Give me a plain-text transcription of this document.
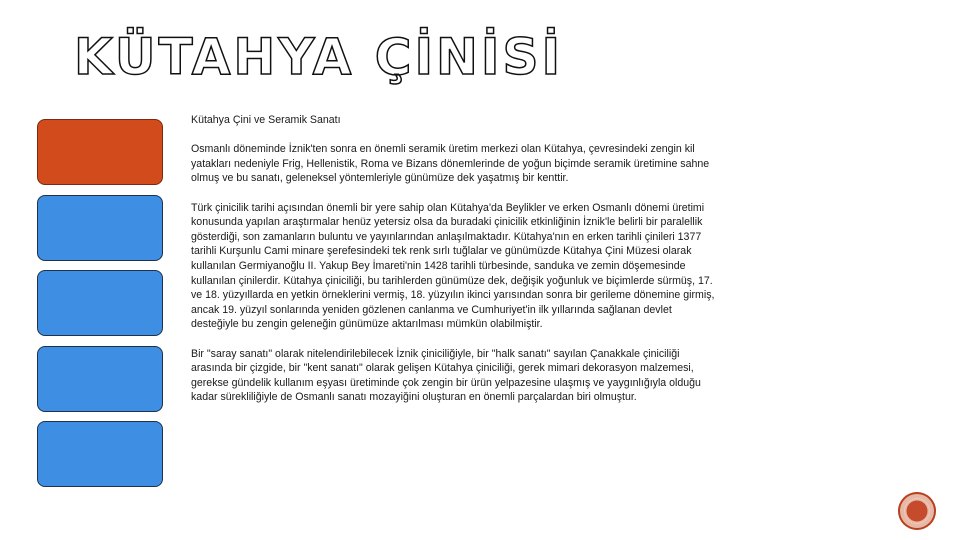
KÜTAHYA ÇİNİSİ

Kütahya Çini ve Seramik Sanatı

Osmanlı döneminde İznik'ten sonra en önemli seramik üretim merkezi olan Kütahya, çevresindeki zengin kil yatakları nedeniyle Frig, Hellenistik, Roma ve Bizans dönemlerinde de yoğun biçimde seramik üretimine sahne olmuş ve bu sanatı, geleneksel yöntemleriyle günümüze dek yaşatmış bir kenttir.

Türk çinicilik tarihi açısından önemli bir yere sahip olan Kütahya'da Beylikler ve erken Osmanlı dönemi üretimi konusunda yapılan araştırmalar henüz yetersiz olsa da buradaki çinicilik etkinliğinin İznik'le belirli bir paralellik gösterdiği, son zamanların buluntu ve yayınlarından anlaşılmaktadır. Kütahya'nın en erken tarihli çinileri 1377 tarihli Kurşunlu Cami minare şerefesindeki tek renk sırlı tuğlalar ve günümüzde Kütahya Çini Müzesi olarak kullanılan Germiyanoğlu II. Yakup Bey İmareti'nin 1428 tarihli türbesinde, sanduka ve zemin döşemesinde kullanılan çinilerdir. Kütahya çiniciliği, bu tarihlerden günümüze dek, değişik yoğunluk ve biçimlerde sürmüş, 17. ve 18. yüzyıllarda en yetkin örneklerini vermiş, 18. yüzyılın ikinci yarısından sonra bir gerileme dönemine girmiş, ancak 19. yüzyıl sonlarında yeniden gözlenen canlanma ve Cumhuriyet'in ilk yıllarında sağlanan devlet desteğiyle bu zengin geleneğin günümüze aktarılması mümkün olabilmiştir.

Bir "saray sanatı" olarak nitelendirilebilecek İznik çiniciliğiyle, bir "halk sanatı" sayılan Çanakkale çiniciliği arasında bir çizgide, bir "kent sanatı" olarak gelişen Kütahya çiniciliği, gerek mimari dekorasyon malzemesi, gerekse gündelik kullanım eşyası üretiminde çok zengin bir ürün yelpazesine ulaşmış ve yaygınlığıyla olduğu kadar sürekliliğiyle de Osmanlı sanatı mozayiğini oluşturan en önemli parçalardan biri olmuştur.
